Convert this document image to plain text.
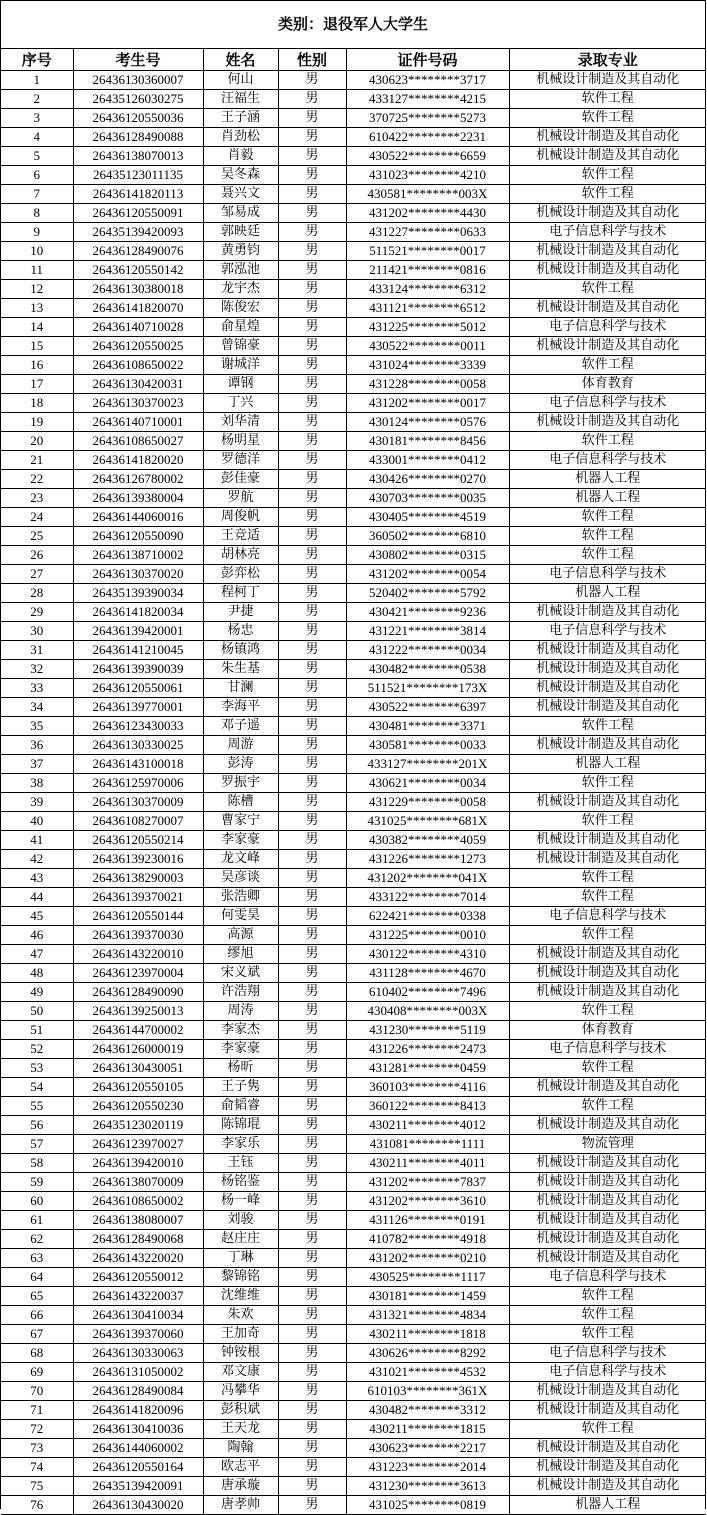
类别：退役军人大学生
序号	考生号	姓名	性别	证件号码	录取专业
1	26436130360007	何山	男	430623********3717	机械设计制造及其自动化
2	26435126030275	汪福生	男	433127********4215	软件工程
3	26436120550036	王子涵	男	370725********5273	软件工程
4	26436128490088	肖劲松	男	610422********2231	机械设计制造及其自动化
5	26436138070013	肖毅	男	430522********6659	机械设计制造及其自动化
6	26435123011135	吴冬森	男	431023********4210	软件工程
7	26436141820113	聂兴文	男	430581********003X	软件工程
8	26436120550091	邹易成	男	431202********4430	机械设计制造及其自动化
9	26435139420093	郭映廷	男	431227********0633	电子信息科学与技术
10	26436128490076	黄勇钧	男	511521********0017	机械设计制造及其自动化
11	26436120550142	郭泓池	男	211421********0816	机械设计制造及其自动化
12	26436130380018	龙宇杰	男	433124********6312	软件工程
13	26436141820070	陈俊宏	男	431121********6512	机械设计制造及其自动化
14	26436140710028	俞星煌	男	431225********5012	电子信息科学与技术
15	26436120550025	曾锦豪	男	430522********0011	机械设计制造及其自动化
16	26436108650022	谢城洋	男	431024********3339	软件工程
17	26436130420031	谭钢	男	431228********0058	体育教育
18	26436130370023	丁兴	男	431202********0017	电子信息科学与技术
19	26436140710001	刘华清	男	430124********0576	机械设计制造及其自动化
20	26436108650027	杨明星	男	430181********8456	软件工程
21	26436141820020	罗德洋	男	433001********0412	电子信息科学与技术
22	26436126780002	彭佳豪	男	430426********0270	机器人工程
23	26436139380004	罗航	男	430703********0035	机器人工程
24	26436144060016	周俊帆	男	430405********4519	软件工程
25	26436120550090	王竞适	男	360502********6810	软件工程
26	26436138710002	胡林亮	男	430802********0315	软件工程
27	26436130370020	彭弈松	男	431202********0054	电子信息科学与技术
28	26435139390034	程柯丁	男	520402********5792	机器人工程
29	26436141820034	尹捷	男	430421********9236	机械设计制造及其自动化
30	26436139420001	杨忠	男	431221********3814	电子信息科学与技术
31	26436141210045	杨镇鸿	男	431222********0034	机械设计制造及其自动化
32	26436139390039	朱生基	男	430482********0538	机械设计制造及其自动化
33	26436120550061	甘澜	男	511521********173X	机械设计制造及其自动化
34	26436139770001	李海平	男	430522********6397	机械设计制造及其自动化
35	26436123430033	邓子遥	男	430481********3371	软件工程
36	26436130330025	周游	男	430581********0033	机械设计制造及其自动化
37	26436143100018	彭涛	男	433127********201X	机器人工程
38	26436125970006	罗振宇	男	430621********0034	软件工程
39	26436130370009	陈槽	男	431229********0058	机械设计制造及其自动化
40	26436108270007	曹家宁	男	431025********681X	软件工程
41	26436120550214	李家豪	男	430382********4059	机械设计制造及其自动化
42	26436139230016	龙文峰	男	431226********1273	机械设计制造及其自动化
43	26436138290003	吴彦谈	男	431202********041X	软件工程
44	26436139370021	张浩卿	男	433122********7014	软件工程
45	26436120550144	何雯昊	男	622421********0338	电子信息科学与技术
46	26436139370030	高源	男	431225********0010	软件工程
47	26436143220010	缪旭	男	430122********4310	机械设计制造及其自动化
48	26436123970004	宋义斌	男	431128********4670	机械设计制造及其自动化
49	26436128490090	许浩翔	男	610402********7496	机械设计制造及其自动化
50	26436139250013	周涛	男	430408********003X	软件工程
51	26436144700002	李家杰	男	431230********5119	体育教育
52	26436126000019	李家豪	男	431226********2473	电子信息科学与技术
53	26436130430051	杨昕	男	431281********0459	软件工程
54	26436120550105	王子隽	男	360103********4116	机械设计制造及其自动化
55	26436120550230	俞韬睿	男	360122********8413	软件工程
56	26435123020119	陈锦琨	男	430211********4012	机械设计制造及其自动化
57	26436123970027	李家乐	男	431081********1111	物流管理
58	26436139420010	王钰	男	430211********4011	机械设计制造及其自动化
59	26436138070009	杨铭鉴	男	431202********7837	机械设计制造及其自动化
60	26436108650002	杨一峰	男	431202********3610	机械设计制造及其自动化
61	26436138080007	刘骏	男	431126********0191	机械设计制造及其自动化
62	26436128490068	赵庄庄	男	410782********4918	机械设计制造及其自动化
63	26436143220020	丁琳	男	431202********0210	机械设计制造及其自动化
64	26436120550012	黎锦铭	男	430525********1117	电子信息科学与技术
65	26436143220037	沈维维	男	430181********1459	软件工程
66	26436130410034	朱欢	男	431321********4834	软件工程
67	26436139370060	王加奇	男	430211********1818	软件工程
68	26436130330063	钟铵根	男	430626********8292	电子信息科学与技术
69	26436131050002	邓文康	男	431021********4532	电子信息科学与技术
70	26436128490084	冯攀华	男	610103********361X	机械设计制造及其自动化
71	26436141820096	彭积斌	男	430482********3312	机械设计制造及其自动化
72	26436130410036	王天龙	男	430211********1815	软件工程
73	26436144060002	陶翰	男	430623********2217	机械设计制造及其自动化
74	26436120550164	欧志平	男	431223********2014	机械设计制造及其自动化
75	26435139420091	唐承璇	男	431230********3613	机械设计制造及其自动化
76	26436130430020	唐孝帅	男	431025********0819	机器人工程
